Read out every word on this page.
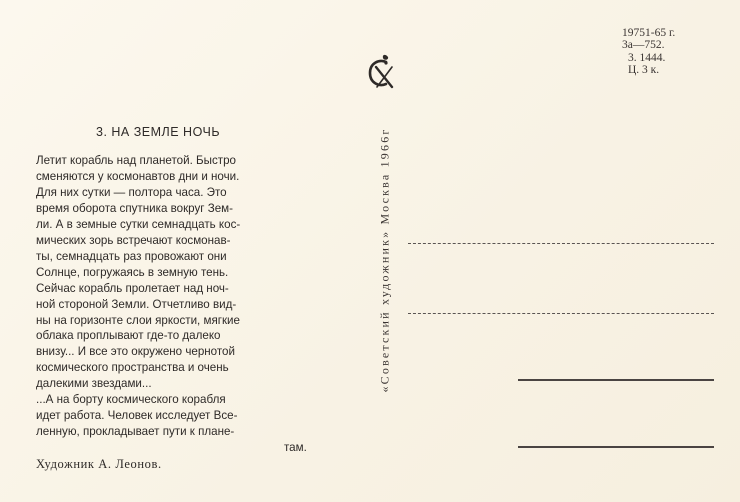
19751-65 г.
3а—752.
3. 1444.
Ц. 3 к.
«Советский художник» Москва 1966г
3. НА ЗЕМЛЕ НОЧЬ
Летит корабль над планетой. Быстро
сменяются у космонавтов дни и ночи.
Для них сутки — полтора часа. Это
время оборота спутника вокруг Зем-
ли. А в земные сутки семнадцать кос-
мических зорь встречают космонав-
ты, семнадцать раз провожают они
Солнце, погружаясь в земную тень.
Сейчас корабль пролетает над ноч-
ной стороной Земли. Отчетливо вид-
ны на горизонте слои яркости, мягкие
облака проплывают где-то далеко
внизу... И все это окружено чернотой
космического пространства и очень
далекими звездами...
...А на борту космического корабля
идет работа. Человек исследует Все-
ленную, прокладывает пути к плане-
там.
Художник А. Леонов.
